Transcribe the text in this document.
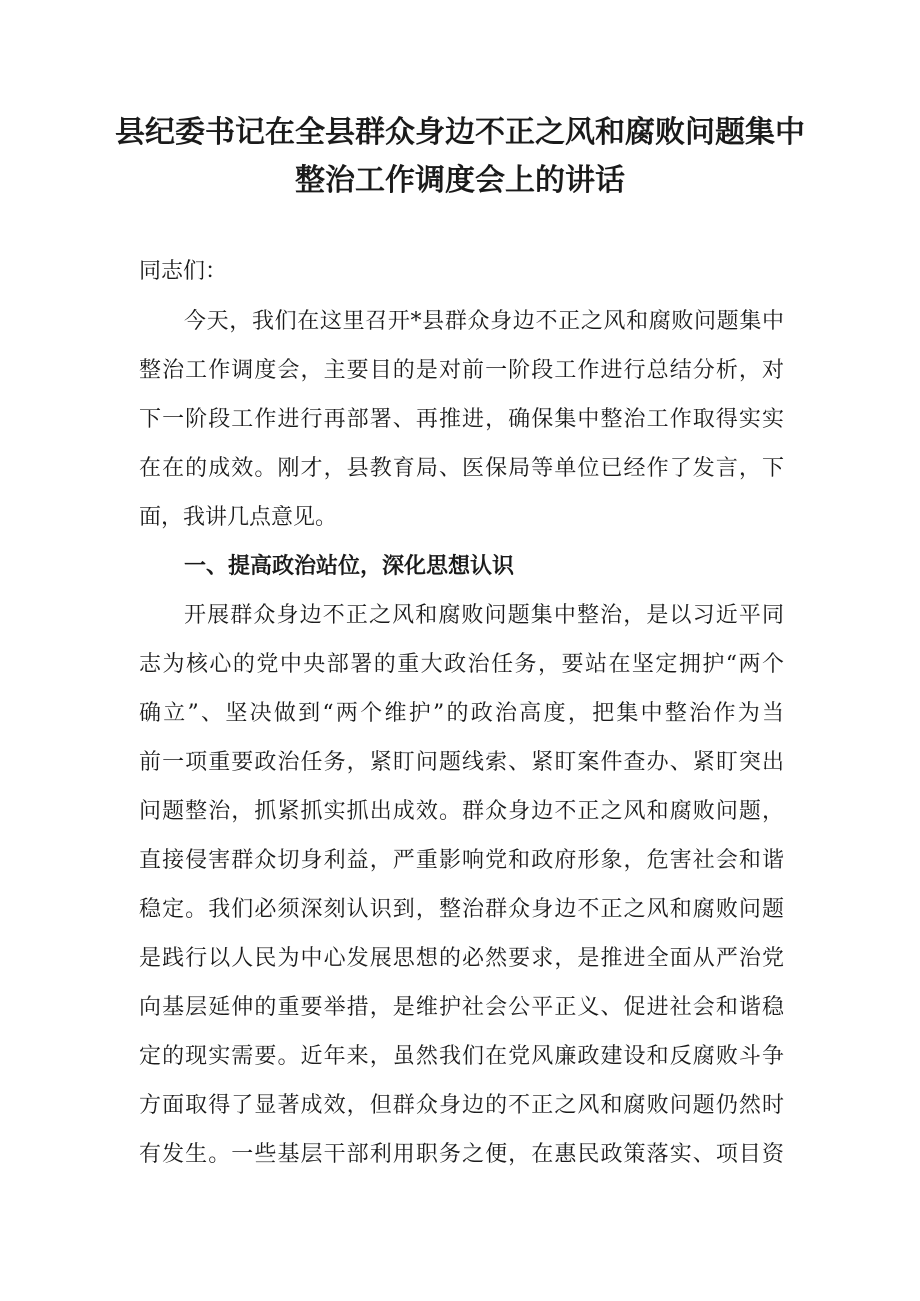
县纪委书记在全县群众身边不正之风和腐败问题集中
整治工作调度会上的讲话
同志们：
今天，我们在这里召开*县群众身边不正之风和腐败问题集中
整治工作调度会，主要目的是对前一阶段工作进行总结分析，对
下一阶段工作进行再部署、再推进，确保集中整治工作取得实实
在在的成效。刚才，县教育局、医保局等单位已经作了发言，下
面，我讲几点意见。
一、提高政治站位，深化思想认识
开展群众身边不正之风和腐败问题集中整治，是以习近平同
志为核心的党中央部署的重大政治任务，要站在坚定拥护“两个
确立”、坚决做到“两个维护”的政治高度，把集中整治作为当
前一项重要政治任务，紧盯问题线索、紧盯案件查办、紧盯突出
问题整治，抓紧抓实抓出成效。群众身边不正之风和腐败问题，
直接侵害群众切身利益，严重影响党和政府形象，危害社会和谐
稳定。我们必须深刻认识到，整治群众身边不正之风和腐败问题
是践行以人民为中心发展思想的必然要求，是推进全面从严治党
向基层延伸的重要举措，是维护社会公平正义、促进社会和谐稳
定的现实需要。近年来，虽然我们在党风廉政建设和反腐败斗争
方面取得了显著成效，但群众身边的不正之风和腐败问题仍然时
有发生。一些基层干部利用职务之便，在惠民政策落实、项目资
